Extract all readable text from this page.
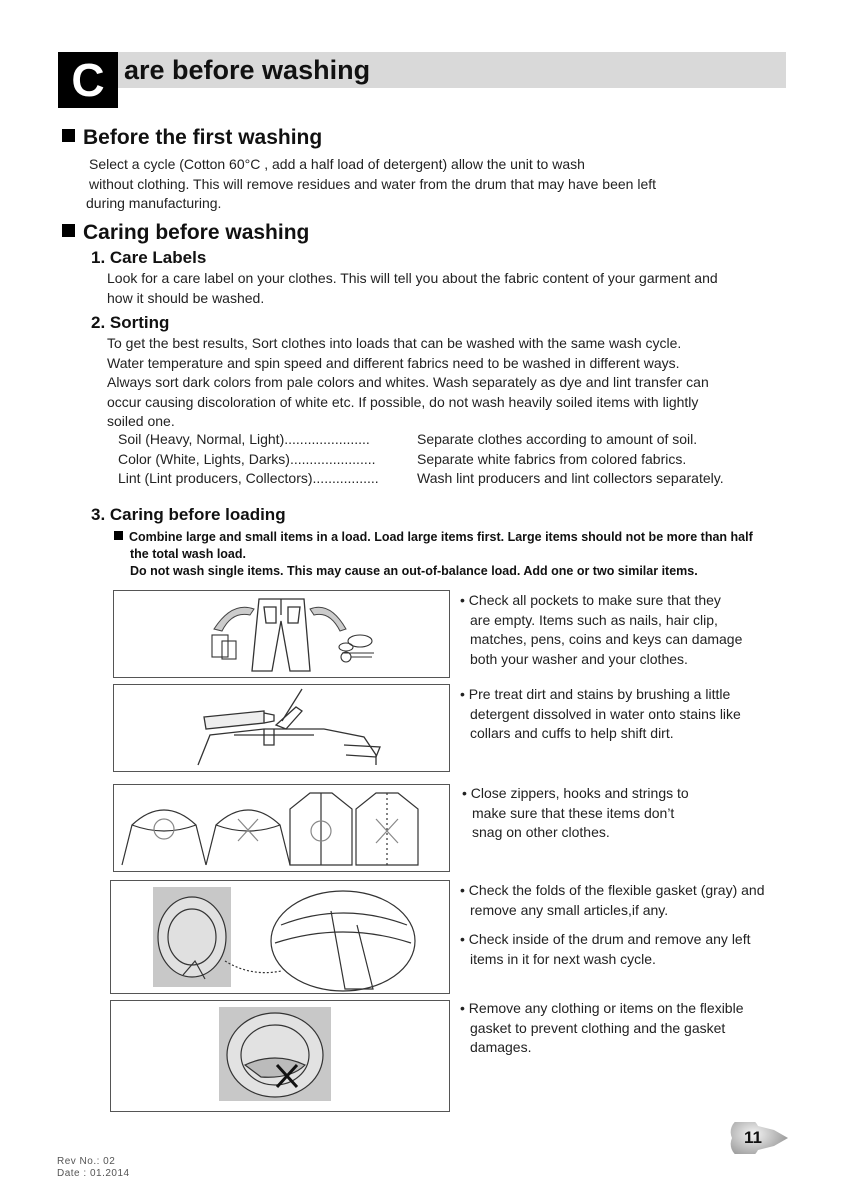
C are before washing
Before the first washing
Select a cycle (Cotton 60°C , add a half load of detergent) allow the unit to wash
without clothing. This will remove residues and water from the drum that may have been left
during manufacturing.
Caring before washing
1. Care Labels
Look for a care label on your clothes. This will tell you about the fabric content of your garment and
how it should be washed.
2. Sorting
To get the best results, Sort clothes into loads that can be washed with the same wash cycle.
Water temperature and spin speed and different fabrics need to be washed in different ways.
Always sort dark colors from pale colors and whites. Wash separately as dye and lint transfer can
occur causing discoloration of white etc. If possible, do not wash heavily soiled items with lightly
soiled one.
Soil (Heavy, Normal, Light)......................	Separate clothes according to amount of soil.
Color (White, Lights, Darks)......................	Separate white fabrics from colored fabrics.
Lint (Lint producers, Collectors).................	Wash lint producers and lint collectors separately.
3. Caring before loading
Combine large and small items in a load. Load large items first. Large items should not be more than half
the total wash load.
Do not wash single items. This may cause an out-of-balance load. Add one or two similar items.
• Check all pockets to make sure that they
are empty. Items such as nails, hair clip,
matches, pens, coins and keys can damage
both your washer and your clothes.
• Pre treat dirt and stains by brushing a little
detergent dissolved in water onto stains like
collars and cuffs to help shift dirt.
• Close zippers, hooks and strings to
make sure that these items don’t
snag on other clothes.
• Check the folds of the flexible gasket (gray) and
remove any small articles,if any.
• Check inside of the drum and remove any left
items in it for next wash cycle.
• Remove any clothing or items on the flexible
gasket to prevent clothing and the gasket
damages.
11
Rev No.: 02
Date : 01.2014
